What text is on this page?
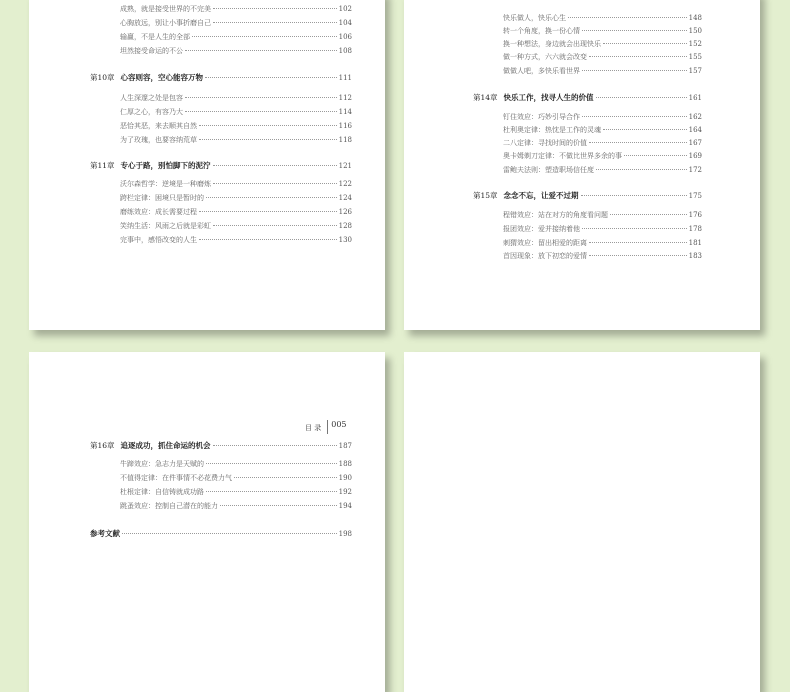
成熟，就是接受世界的不完美	102
心胸放远，别让小事折磨自己	104
输赢，不是人生的全部	106
坦然接受命运的不公	108
第10章 心容则容，空心能容万物	111
人生深邃之处是包容	112
仁厚之心，有容乃大	114
恶恰其恶，来去顺其自然	116
为了玫瑰，也要容纳荒草	118
第11章 专心于路，别怕脚下的泥泞	121
沃尔森哲学：逆境是一种磨炼	122
跨栏定律：困境只是暂时的	124
磨练效应：成长需要过程	126
笑纳生活：风雨之后就是彩虹	128
完事中，感悟改变的人生	130
快乐做人，快乐心生	148
转一个角度，换一份心情	150
换一种想法，身边就会出现快乐	152
做一种方式，六六就会改变	155
做做人吧，多快乐看世界	157
第14章 快乐工作，找寻人生的价值	161
钉住效应：巧妙引导合作	162
杜利奥定律：热忱是工作的灵魂	164
二八定律：寻找时间的价值	167
奥卡姆剃刀定律：不做比世界多余的事	169
雷鲍夫法则：塑造职场信任度	172
第15章 念念不忘，让爱不过期	175
程错效应：站在对方的角度看问题	176
报团效应：爱并接纳着他	178
刺猬效应：留出相爱的距离	181
首因现象：放下初恋的爱情	183
目 录	005
第16章 追逐成功，抓住命运的机会	187
牛蹄效应：急志力是天赋的	188
不值得定律：在件事情不必花费力气	190
杜根定律：自信铸就成功路	192
跳蚤效应：控制自己潜在的能力	194
参考文献	198
